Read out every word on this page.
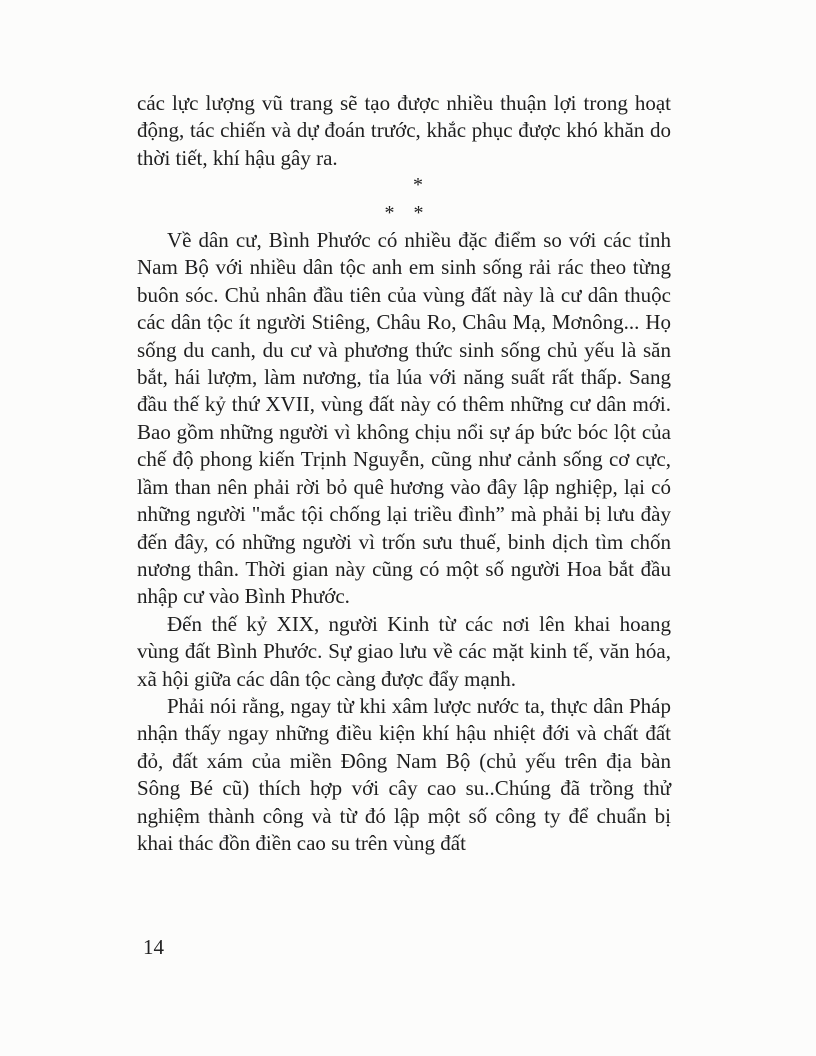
các lực lượng vũ trang sẽ tạo được nhiều thuận lợi trong hoạt động, tác chiến và dự đoán trước, khắc phục được khó khăn do thời tiết, khí hậu gây ra.

*
* *

Về dân cư, Bình Phước có nhiều đặc điểm so với các tỉnh Nam Bộ với nhiều dân tộc anh em sinh sống rải rác theo từng buôn sóc. Chủ nhân đầu tiên của vùng đất này là cư dân thuộc các dân tộc ít người Stiêng, Châu Ro, Châu Mạ, Mơnông... Họ sống du canh, du cư và phương thức sinh sống chủ yếu là săn bắt, hái lượm, làm nương, tỉa lúa với năng suất rất thấp. Sang đầu thế kỷ thứ XVII, vùng đất này có thêm những cư dân mới. Bao gồm những người vì không chịu nổi sự áp bức bóc lột của chế độ phong kiến Trịnh Nguyễn, cũng như cảnh sống cơ cực, lầm than nên phải rời bỏ quê hương vào đây lập nghiệp, lại có những người "mắc tội chống lại triều đình” mà phải bị lưu đày đến đây, có những người vì trốn sưu thuế, binh dịch tìm chốn nương thân. Thời gian này cũng có một số người Hoa bắt đầu nhập cư vào Bình Phước.

Đến thế kỷ XIX, người Kinh từ các nơi lên khai hoang vùng đất Bình Phước. Sự giao lưu về các mặt kinh tế, văn hóa, xã hội giữa các dân tộc càng được đẩy mạnh.

Phải nói rằng, ngay từ khi xâm lược nước ta, thực dân Pháp nhận thấy ngay những điều kiện khí hậu nhiệt đới và chất đất đỏ, đất xám của miền Đông Nam Bộ (chủ yếu trên địa bàn Sông Bé cũ) thích hợp với cây cao su..Chúng đã trồng thử nghiệm thành công và từ đó lập một số công ty để chuẩn bị khai thác đồn điền cao su trên vùng đất

14
